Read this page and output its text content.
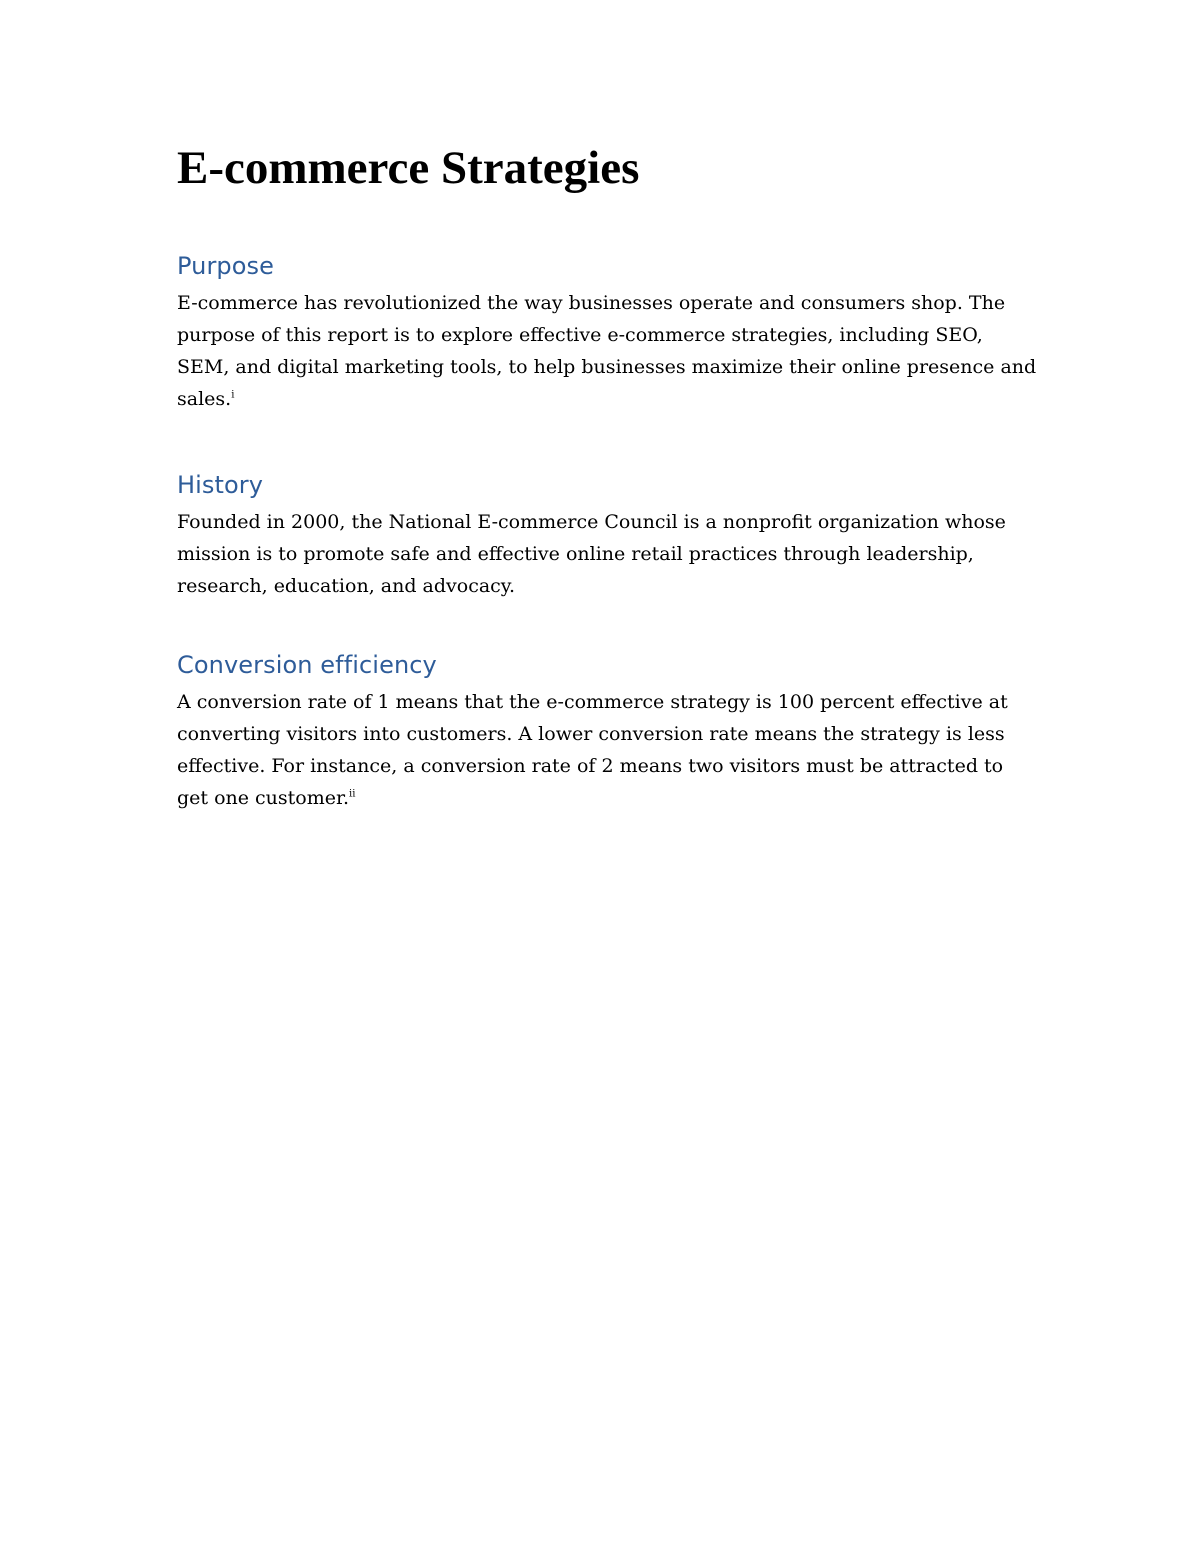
E-commerce Strategies
Purpose

E-commerce has revolutionized the way businesses operate and consumers shop. The purpose of this report is to explore effective e-commerce strategies, including SEO, SEM, and digital marketing tools, to help businesses maximize their online presence and sales.$^i$

History

Founded in 2000, the National E-commerce Council is a nonprofit organization whose mission is to promote safe and effective online retail practices through leadership, research, education, and advocacy.

Conversion efficiency

A conversion rate of 1 means that the e-commerce strategy is 100 percent effective at converting visitors into customers. A lower conversion rate means the strategy is less effective. For instance, a conversion rate of 2 means two visitors must be attracted to get one customer.$^{ii}$
